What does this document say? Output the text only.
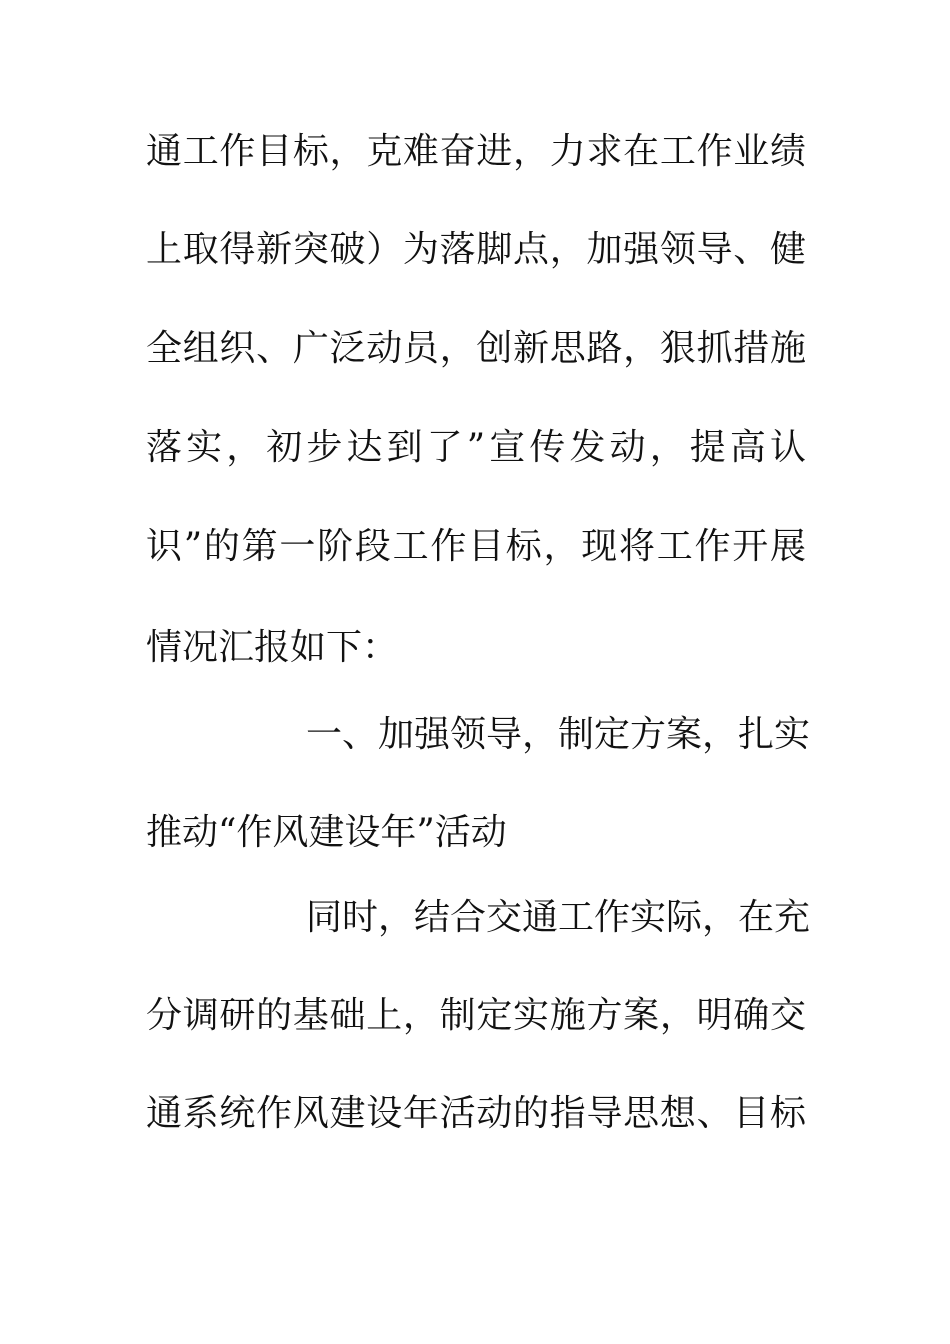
通工作目标，克难奋进，力求在工作业绩
上取得新突破）为落脚点，加强领导、健
全组织、广泛动员，创新思路，狠抓措施
落实，初步达到了”宣传发动，提高认
识”的第一阶段工作目标，现将工作开展
情况汇报如下：
一、加强领导，制定方案，扎实
推动“作风建设年”活动
同时，结合交通工作实际，在充
分调研的基础上，制定实施方案，明确交
通系统作风建设年活动的指导思想、目标
